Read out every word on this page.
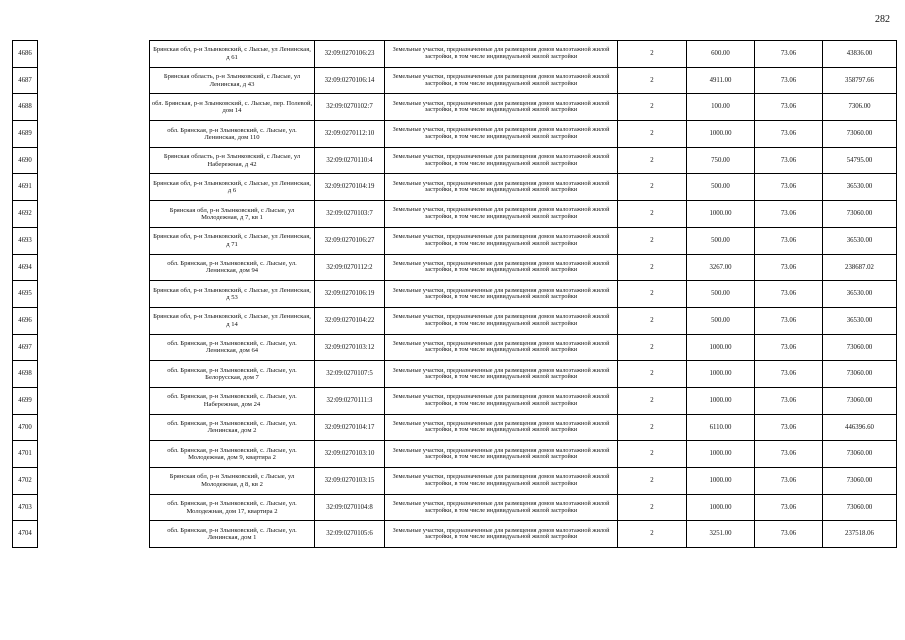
282
4686		Брянская обл, р-н Злынковский, с Лысые, ул Ленинская, д 61	32:09:0270106:23	Земельные участки, предназначенные для размещения домов малоэтажной жилой застройки, в том числе индивидуальной жилой застройки	2	600.00	73.06	43836.00
4687		Брянская область, р-н Злынковский, с Лысые, ул Ленинская, д 43	32:09:0270106:14	Земельные участки, предназначенные для размещения домов малоэтажной жилой застройки, в том числе индивидуальной жилой застройки	2	4911.00	73.06	358797.66
4688		обл. Брянская, р-н Злынковский, с. Лысые, пер. Полевой, дом 14	32:09:0270102:7	Земельные участки, предназначенные для размещения домов малоэтажной жилой застройки, в том числе индивидуальной жилой застройки	2	100.00	73.06	7306.00
4689		обл. Брянская, р-н Злынковский, с. Лысые, ул. Ленинская, дом 110	32:09:0270112:10	Земельные участки, предназначенные для размещения домов малоэтажной жилой застройки, в том числе индивидуальной жилой застройки	2	1000.00	73.06	73060.00
4690		Брянская область, р-н Злынковский, с Лысые, ул Набережная, д 42	32:09:0270110:4	Земельные участки, предназначенные для размещения домов малоэтажной жилой застройки, в том числе индивидуальной жилой застройки	2	750.00	73.06	54795.00
4691		Брянская обл, р-н Злынковский, с Лысые, ул Ленинская, д 6	32:09:0270104:19	Земельные участки, предназначенные для размещения домов малоэтажной жилой застройки, в том числе индивидуальной жилой застройки	2	500.00	73.06	36530.00
4692		Брянская обл, р-н Злынковский, с Лысые, ул Молодежная, д 7, кв 1	32:09:0270103:7	Земельные участки, предназначенные для размещения домов малоэтажной жилой застройки, в том числе индивидуальной жилой застройки	2	1000.00	73.06	73060.00
4693		Брянская обл, р-н Злынковский, с Лысые, ул Ленинская, д 71	32:09:0270106:27	Земельные участки, предназначенные для размещения домов малоэтажной жилой застройки, в том числе индивидуальной жилой застройки	2	500.00	73.06	36530.00
4694		обл. Брянская, р-н Злынковский, с. Лысые, ул. Ленинская, дом 94	32:09:0270112:2	Земельные участки, предназначенные для размещения домов малоэтажной жилой застройки, в том числе индивидуальной жилой застройки	2	3267.00	73.06	238687.02
4695		Брянская обл, р-н Злынковский, с Лысые, ул Ленинская, д 53	32:09:0270106:19	Земельные участки, предназначенные для размещения домов малоэтажной жилой застройки, в том числе индивидуальной жилой застройки	2	500.00	73.06	36530.00
4696		Брянская обл, р-н Злынковский, с Лысые, ул Ленинская, д 14	32:09:0270104:22	Земельные участки, предназначенные для размещения домов малоэтажной жилой застройки, в том числе индивидуальной жилой застройки	2	500.00	73.06	36530.00
4697		обл. Брянская, р-н Злынковский, с. Лысые, ул. Ленинская, дом 64	32:09:0270103:12	Земельные участки, предназначенные для размещения домов малоэтажной жилой застройки, в том числе индивидуальной жилой застройки	2	1000.00	73.06	73060.00
4698		обл. Брянская, р-н Злынковский, с. Лысые, ул. Белорусская, дом 7	32:09:0270107:5	Земельные участки, предназначенные для размещения домов малоэтажной жилой застройки, в том числе индивидуальной жилой застройки	2	1000.00	73.06	73060.00
4699		обл. Брянская, р-н Злынковский, с. Лысые, ул. Набережная, дом 24	32:09:0270111:3	Земельные участки, предназначенные для размещения домов малоэтажной жилой застройки, в том числе индивидуальной жилой застройки	2	1000.00	73.06	73060.00
4700		обл. Брянская, р-н Злынковский, с. Лысые, ул. Ленинская, дом 2	32:09:0270104:17	Земельные участки, предназначенные для размещения домов малоэтажной жилой застройки, в том числе индивидуальной жилой застройки	2	6110.00	73.06	446396.60
4701		обл. Брянская, р-н Злынковский, с. Лысые, ул. Молодежная, дом 9, квартира 2	32:09:0270103:10	Земельные участки, предназначенные для размещения домов малоэтажной жилой застройки, в том числе индивидуальной жилой застройки	2	1000.00	73.06	73060.00
4702		Брянская обл, р-н Злынковский, с Лысые, ул Молодежная, д 8, кв 2	32:09:0270103:15	Земельные участки, предназначенные для размещения домов малоэтажной жилой застройки, в том числе индивидуальной жилой застройки	2	1000.00	73.06	73060.00
4703		обл. Брянская, р-н Злынковский, с. Лысые, ул. Молодежная, дом 17, квартира 2	32:09:0270104:8	Земельные участки, предназначенные для размещения домов малоэтажной жилой застройки, в том числе индивидуальной жилой застройки	2	1000.00	73.06	73060.00
4704		обл. Брянская, р-н Злынковский, с. Лысые, ул. Ленинская, дом 1	32:09:0270105:6	Земельные участки, предназначенные для размещения домов малоэтажной жилой застройки, в том числе индивидуальной жилой застройки	2	3251.00	73.06	237518.06
